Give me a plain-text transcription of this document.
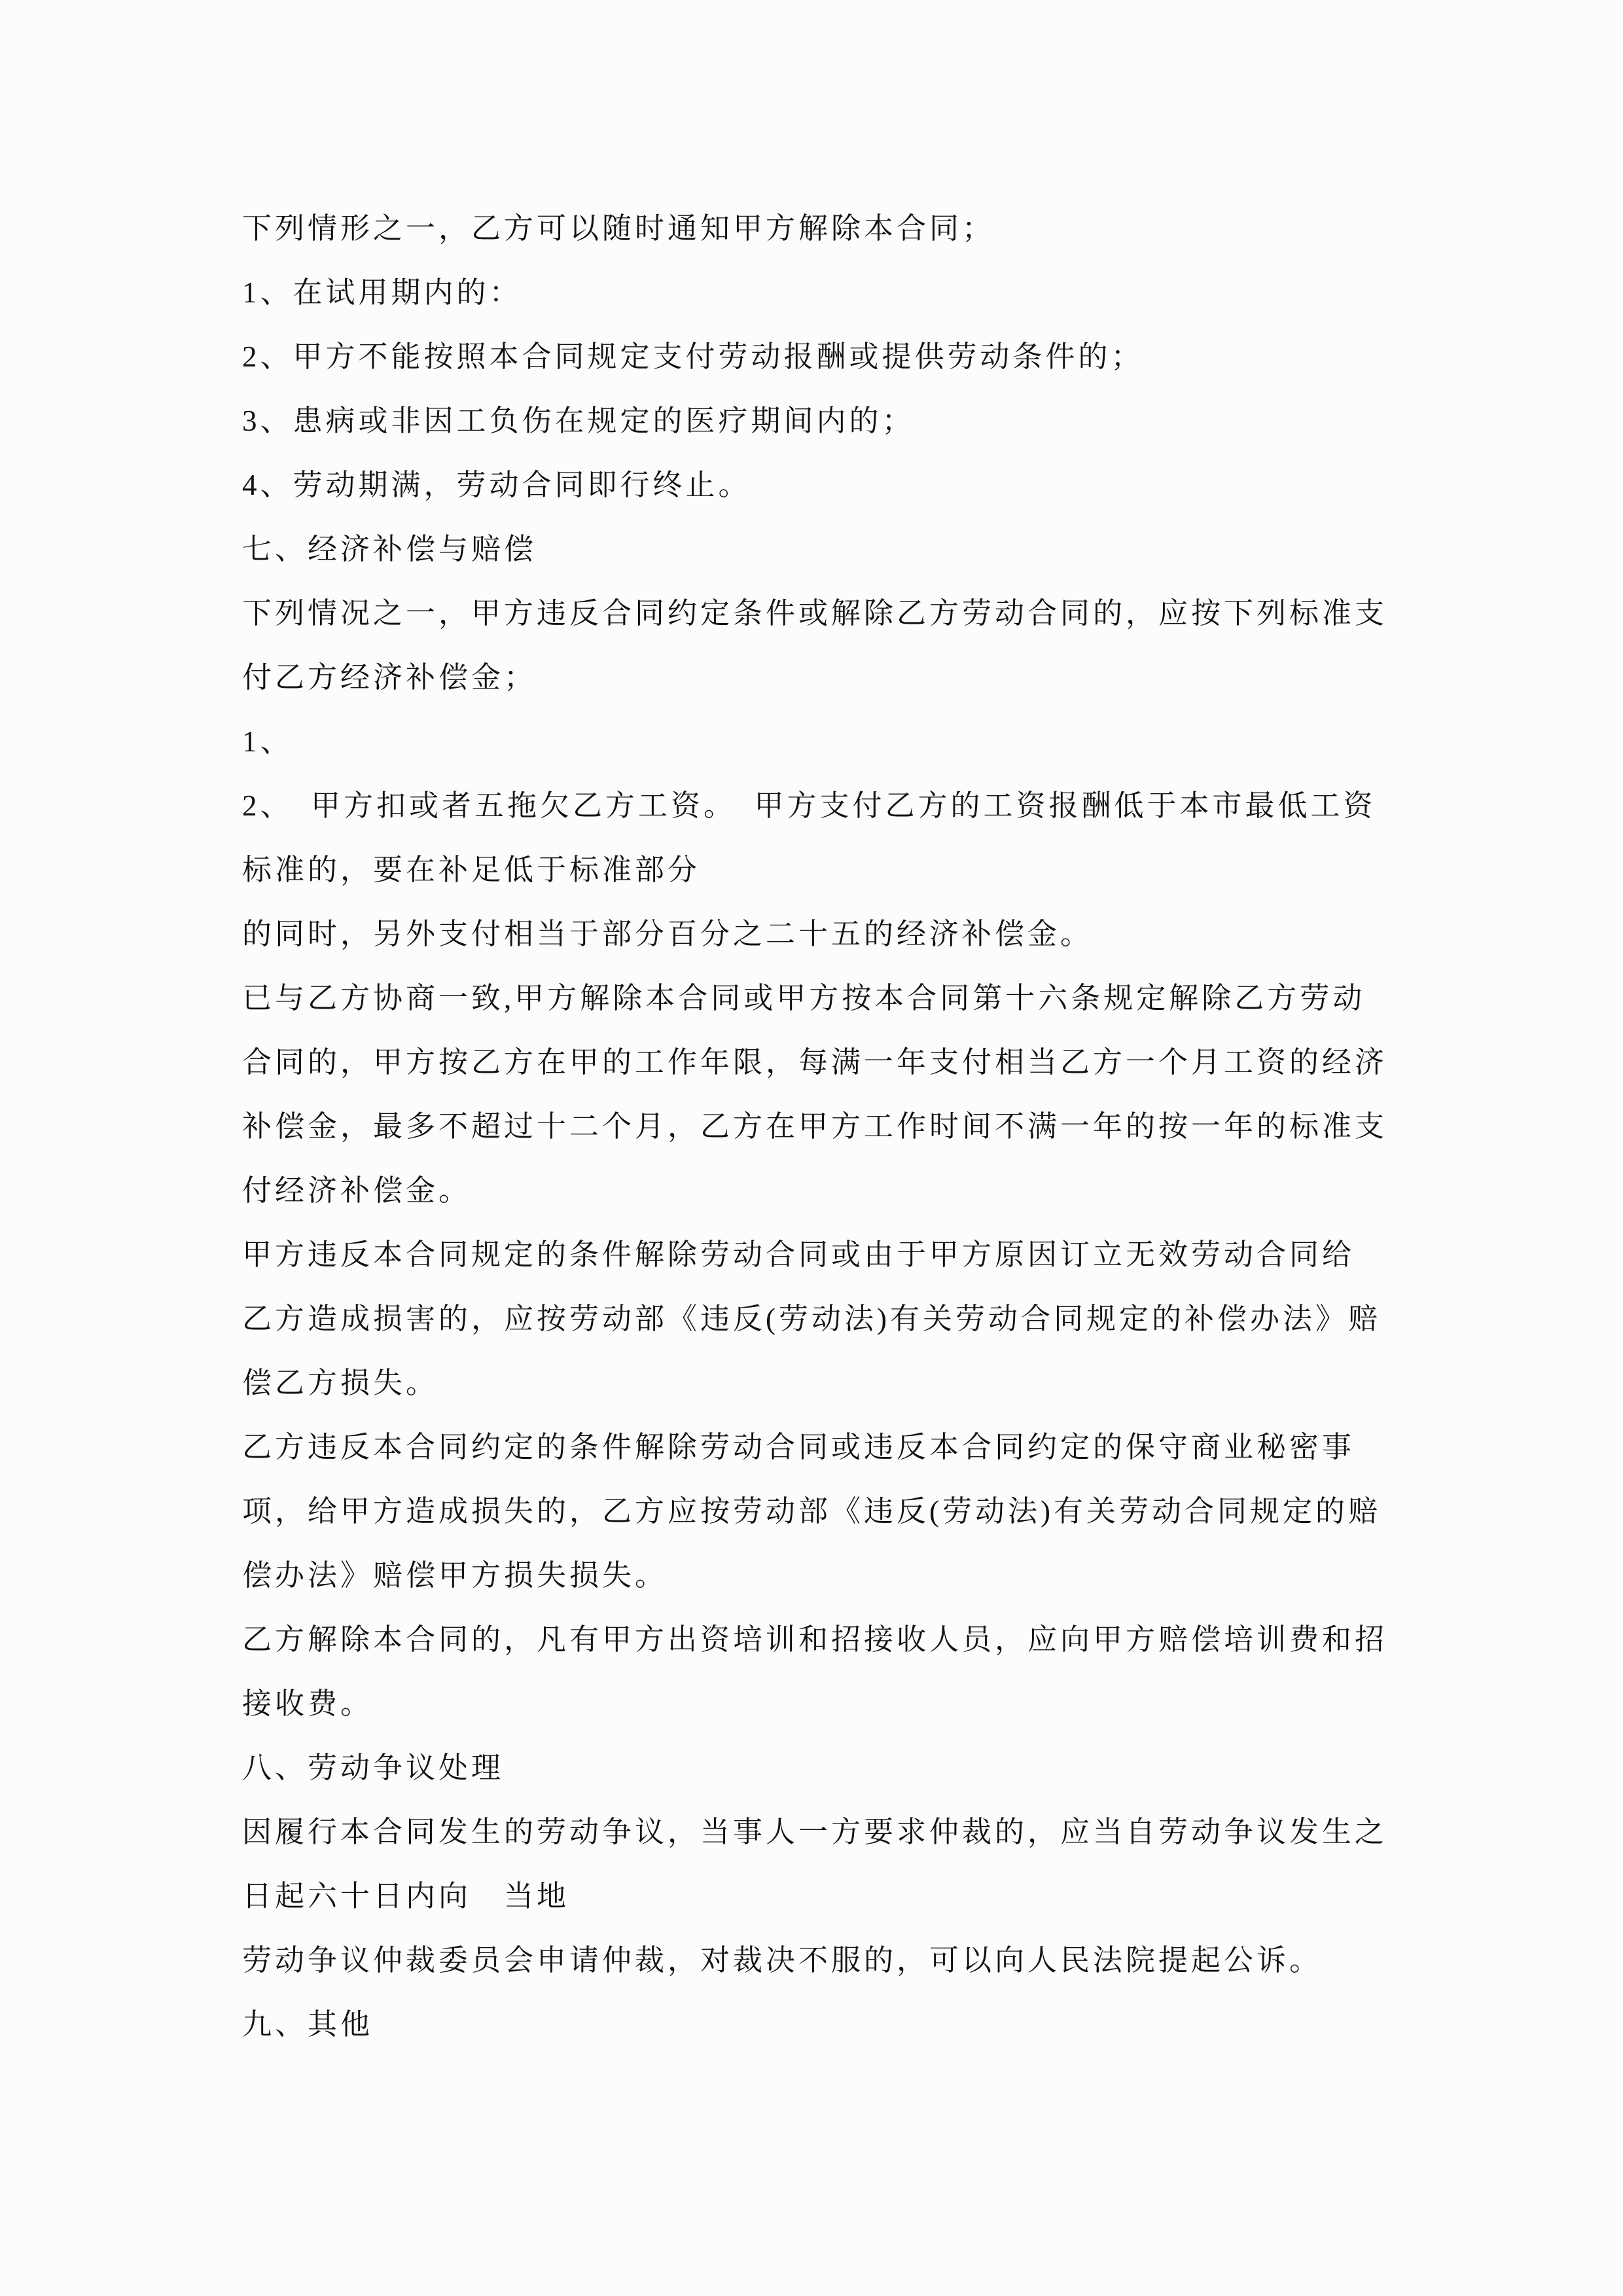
下列情形之一，乙方可以随时通知甲方解除本合同；

1、在试用期内的：

2、甲方不能按照本合同规定支付劳动报酬或提供劳动条件的；

3、患病或非因工负伤在规定的医疗期间内的；

4、劳动期满，劳动合同即行终止。

七、经济补偿与赔偿

下列情况之一，甲方违反合同约定条件或解除乙方劳动合同的，应按下列标准支

付乙方经济补偿金；

1、

2、　甲方扣或者五拖欠乙方工资。　甲方支付乙方的工资报酬低于本市最低工资

标准的，要在补足低于标准部分

的同时，另外支付相当于部分百分之二十五的经济补偿金。

已与乙方协商一致,甲方解除本合同或甲方按本合同第十六条规定解除乙方劳动

合同的，甲方按乙方在甲的工作年限，每满一年支付相当乙方一个月工资的经济

补偿金，最多不超过十二个月，乙方在甲方工作时间不满一年的按一年的标准支

付经济补偿金。

甲方违反本合同规定的条件解除劳动合同或由于甲方原因订立无效劳动合同给

乙方造成损害的，应按劳动部《违反(劳动法)有关劳动合同规定的补偿办法》赔

偿乙方损失。

乙方违反本合同约定的条件解除劳动合同或违反本合同约定的保守商业秘密事

项，给甲方造成损失的，乙方应按劳动部《违反(劳动法)有关劳动合同规定的赔

偿办法》赔偿甲方损失损失。

乙方解除本合同的，凡有甲方出资培训和招接收人员，应向甲方赔偿培训费和招

接收费。

八、劳动争议处理

因履行本合同发生的劳动争议，当事人一方要求仲裁的，应当自劳动争议发生之

日起六十日内向　当地

劳动争议仲裁委员会申请仲裁，对裁决不服的，可以向人民法院提起公诉。

九、其他
